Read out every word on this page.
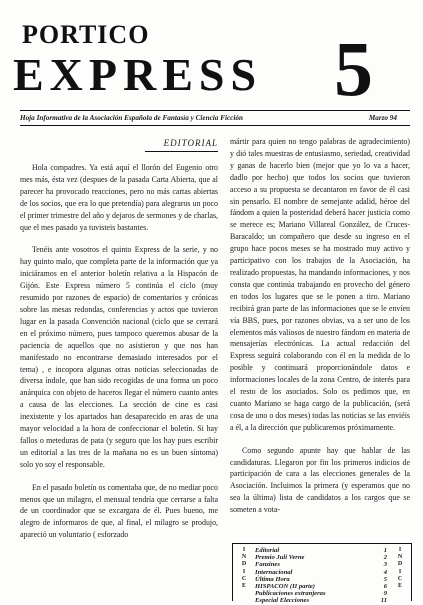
PORTICO
EXPRESS 5
Hoja Informativa de la Asociación Española de Fantasía y Ciencia Ficción	Marzo 94
EDITORIAL

Hola compadres. Ya está aquí el llorón del Eugenio otro mes más, ésta vez (despues de la pasada Carta Abierta, que al parecer ha provocado reacciones, pero no más cartas abiertas de los socios, que era lo que pretendía) para alegraros un poco el primer trimestre del año y dejaros de sermones y de charlas, que el mes pasado ya tuvisteis bastantes.

Tenéis ante vosotros el quinto Express de la serie, y no hay quinto malo, que completa parte de la información que ya iniciáramos en el anterior boletín relativa a la Hispacón de Gijón. Este Express número 5 continúa el ciclo (muy resumido por razones de espacio) de comentarios y crónicas sobre las mesas redondas, conferencias y actos que tuvieron lugar en la pasada Convención nacional (ciclo que se cerrará en el próximo número, pues tampoco queremos abusar de la paciencia de aquellos que no asistieron y que nos han manifestado no encontrarse demasiado interesados por el tema) , e incopora algunas otras noticias seleccionadas de diversa índole, que han sido recogidas de una forma un poco anárquica con objeto de haceros llegar el número cuanto antes a causa de las elecciones. La sección de cine es casi inexistente y los apartados han desaparecido en aras de una mayor velocidad a la hora de confeccionar el boletín. Si hay fallos o meteduras de pata (y seguro que los hay pues escribir un editorial a las tres de la mañana no es un buen síntoma) solo yo soy el responsable.

En el pasado boletín os comentaba que, de no mediar poco menos que un milagro, el mensual tendría que cerrarse a falta de un coordinador que se excargara de él. Pues bueno, me alegro de informaros de que, al final, el milagro se produjo, apareció un voluntario ( esforzado

mártir para quien no tengo palabras de agradecimiento) y dió tales muestras de entusiasmo, seriedad, creatividad y ganas de hacerlo bien (mejor que yo lo va a hacer, dadlo por hecho) que todos los socios que tuvieron acceso a su propuesta se decantaron en favor de él casi sin pensarlo. El nombre de semejante adalid, héroe del fándom a quien la posteridad deberá hacer justicia como se merece es; Mariano Villareal González, de Cruces-Baracaldo; un compañero que desde su ingreso en el grupo hace pocos meses se ha mostrado muy activo y participativo con los trabajos de la Asociación, ha realizado propuestas, ha mandando informaciones, y nos consta que continúa trabajando en provecho del género en todos los lugares que se le ponen a tiro. Mariano recibirá gran parte de las informaciones que se le envíen vía BBS, pues, por razones obvias, va a ser uno de los elementos más valiosos de nuestro fándom en materia de mensajerías electrónicas. La actual redacción del Express seguirá colaborando con él en la medida de lo posible y continuará proporcionándole datos e informaciones locales de la zona Centro, de interés para el resto de los asociados. Solo os pedimos que, en cuanto Mariano se haga cargo de la publicación, (será cosa de uno o dos meses) todas las noticias se las enviéis a él, a la dirección que publicaremos próximamente.

Como segundo apunte hay que hablar de las candidaturas. Llegaron por fin los primeros indicios de participación de cara a las elecciones generales de la Asociación. Incluimos la primera (y esperamos que no sea la última) lista de candidatos a los cargos que se someten a vota-

I
N
D
I
C
E
Editorial	1
Premio Juli Verne	2
Fanzines	3
Internacional	4
Última Hora	5
HISPACON (II parte)	6
Publicaciones extranjeras	9
Especial Elecciones	11
I
N
D
I
C
E
